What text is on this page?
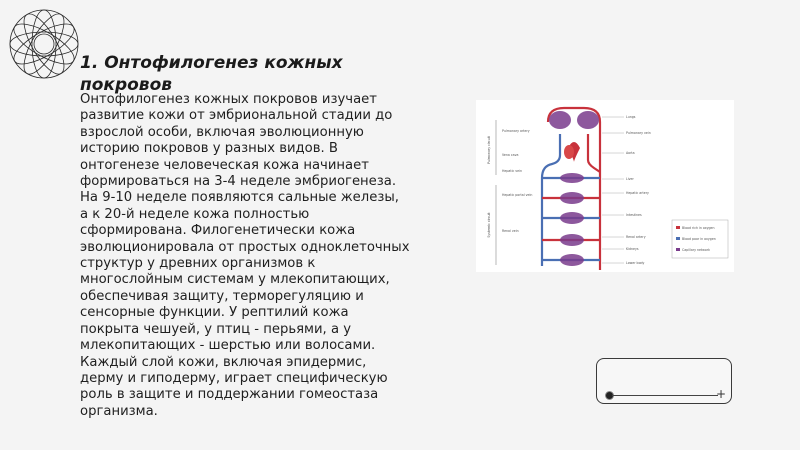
1. Онтофилогенез кожных покровов

Онтофилогенез кожных покровов изучает развитие кожи от эмбриональной стадии до взрослой особи, включая эволюционную историю покровов у разных видов. В онтогенезе человеческая кожа начинает формироваться на 3-4 неделе эмбриогенеза. На 9-10 неделе появляются сальные железы, а к 20-й неделе кожа полностью сформирована. Филогенетически кожа эволюционировала от простых одноклеточных структур у древних организмов к многослойным системам у млекопитающих, обеспечивая защиту, терморегуляцию и сенсорные функции. У рептилий кожа покрыта чешуей, у птиц - перьями, а у млекопитающих - шерстью или волосами. Каждый слой кожи, включая эпидермис, дерму и гиподерму, играет специфическую роль в защите и поддержании гомеостаза организма.

Pulmonary circuit
Systemic circuit
Pulmonary artery
Vena cava
Hepatic vein
Hepatic portal vein
Renal vein
Lungs
Pulmonary vein
Aorta
Liver
Hepatic artery
Intestines
Renal artery
Kidneys
Lower body
Blood rich in oxygen
Blood poor in oxygen
Capillary network
+
